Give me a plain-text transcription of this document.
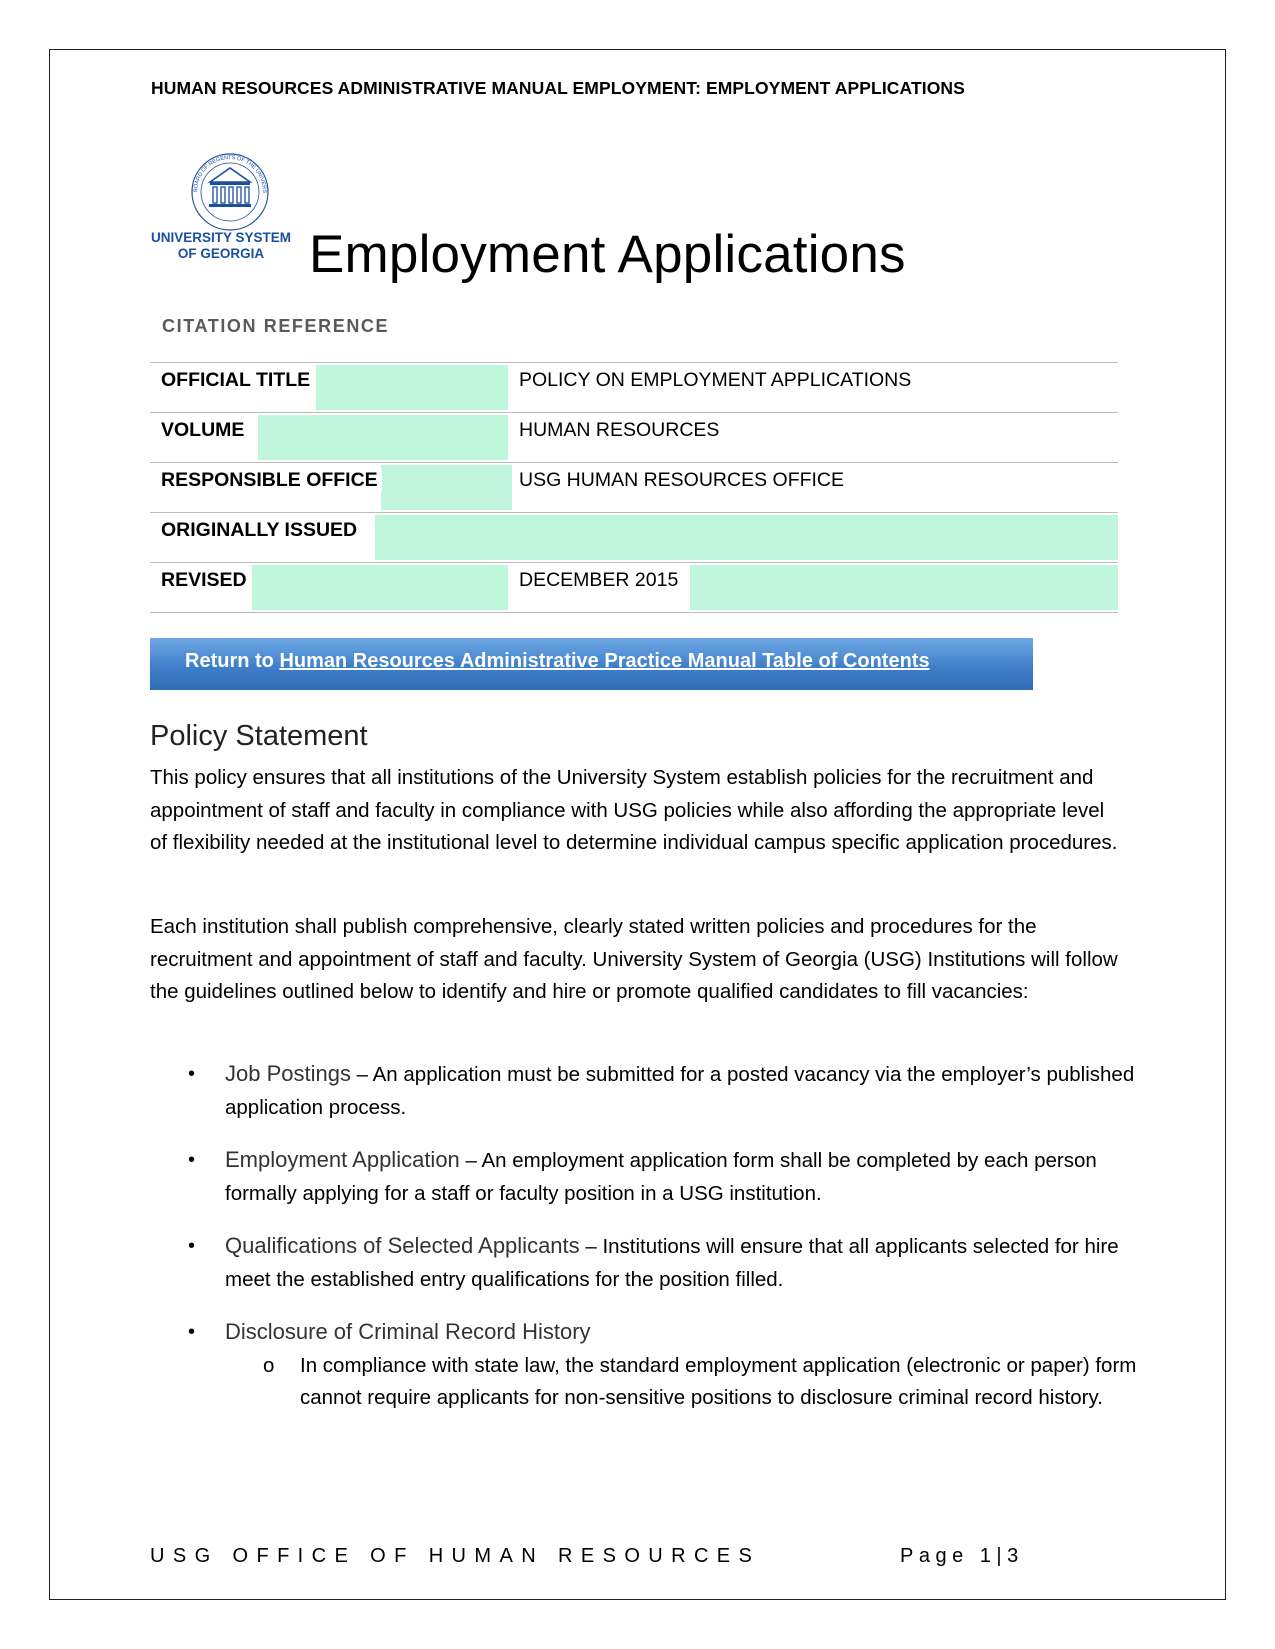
HUMAN RESOURCES ADMINISTRATIVE MANUAL EMPLOYMENT: EMPLOYMENT APPLICATIONS
BOARD OF REGENTS OF THE UNIVERS
UNIVERSITY SYSTEM
OF GEORGIA Employment Applications
CITATION REFERENCE
OFFICIAL TITLE	POLICY ON EMPLOYMENT APPLICATIONS

VOLUME	HUMAN RESOURCES

RESPONSIBLE OFFICE	USG HUMAN RESOURCES OFFICE

ORIGINALLY ISSUED	

REVISED	DECEMBER 2015
Return to Human Resources Administrative Practice Manual Table of Contents
Policy Statement
This policy ensures that all institutions of the University System establish policies for the recruitment and appointment of staff and faculty in compliance with USG policies while also affording the appropriate level of flexibility needed at the institutional level to determine individual campus specific application procedures.
Each institution shall publish comprehensive, clearly stated written policies and procedures for the recruitment and appointment of staff and faculty. University System of Georgia (USG) Institutions will follow the guidelines outlined below to identify and hire or promote qualified candidates to fill vacancies:
• Job Postings – An application must be submitted for a posted vacancy via the employer’s published application process.
• Employment Application – An employment application form shall be completed by each person formally applying for a staff or faculty position in a USG institution.
• Qualifications of Selected Applicants – Institutions will ensure that all applicants selected for hire meet the established entry qualifications for the position filled.
• Disclosure of Criminal Record History
o In compliance with state law, the standard employment application (electronic or paper) form cannot require applicants for non-sensitive positions to disclosure criminal record history.
USG OFFICE OF HUMAN RESOURCES	Page 1|3
